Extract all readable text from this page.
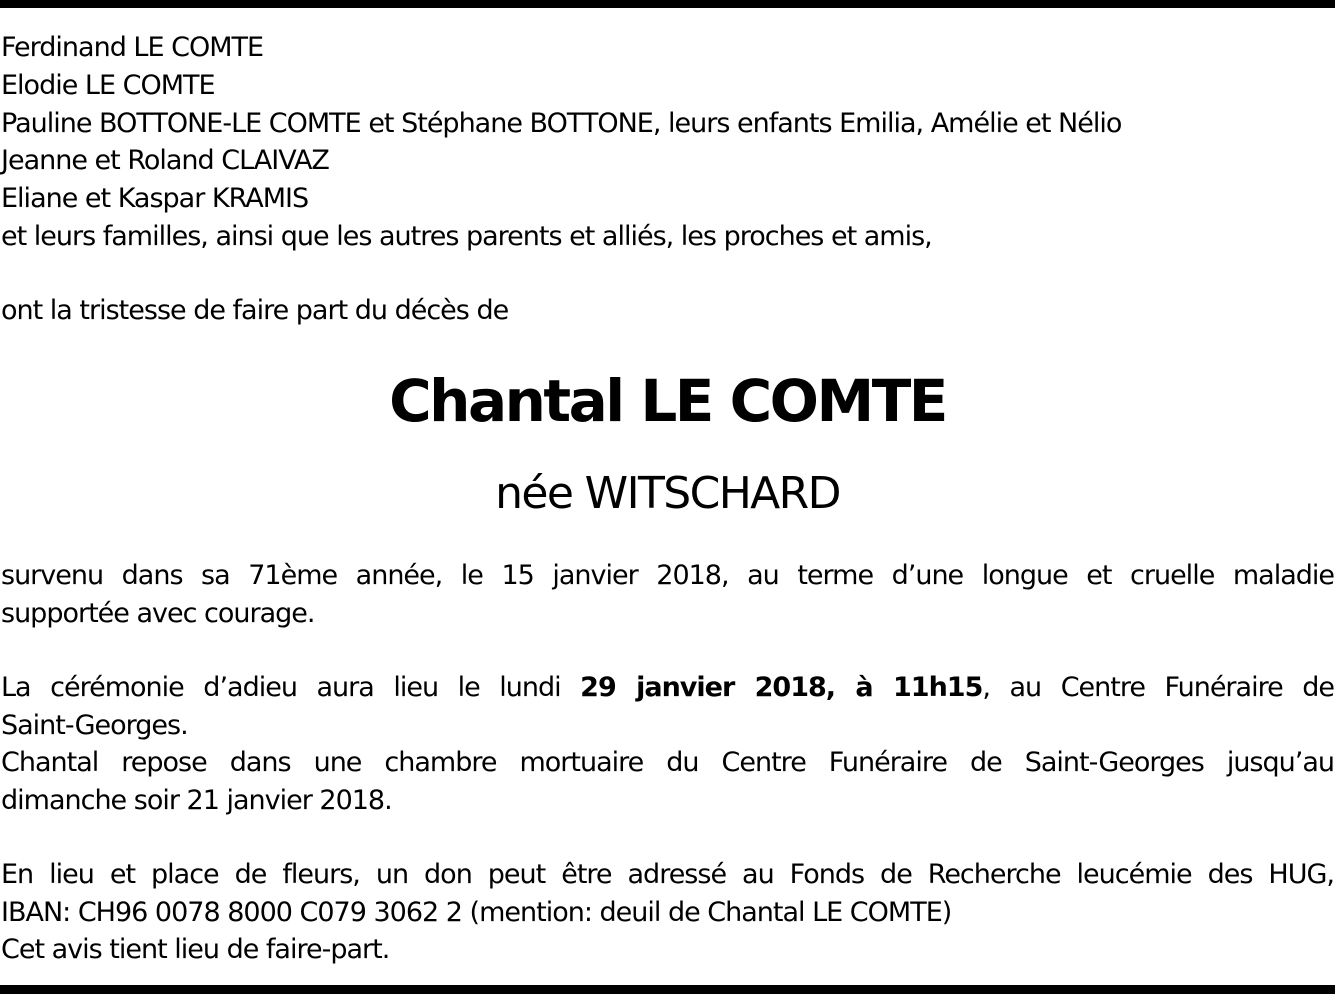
Ferdinand LE COMTE
Elodie LE COMTE
Pauline BOTTONE-LE COMTE et Stéphane BOTTONE, leurs enfants Emilia, Amélie et Nélio
Jeanne et Roland CLAIVAZ
Eliane et Kaspar KRAMIS
et leurs familles, ainsi que les autres parents et alliés, les proches et amis,
ont la tristesse de faire part du décès de
Chantal LE COMTE
née WITSCHARD
survenu dans sa 71ème année, le 15 janvier 2018, au terme d’une longue et cruelle maladie
supportée avec courage.
La cérémonie d’adieu aura lieu le lundi 29 janvier 2018, à 11h15, au Centre Funéraire de
Saint-Georges.
Chantal repose dans une chambre mortuaire du Centre Funéraire de Saint-Georges jusqu’au
dimanche soir 21 janvier 2018.
En lieu et place de fleurs, un don peut être adressé au Fonds de Recherche leucémie des HUG,
IBAN: CH96 0078 8000 C079 3062 2 (mention: deuil de Chantal LE COMTE)
Cet avis tient lieu de faire-part.
